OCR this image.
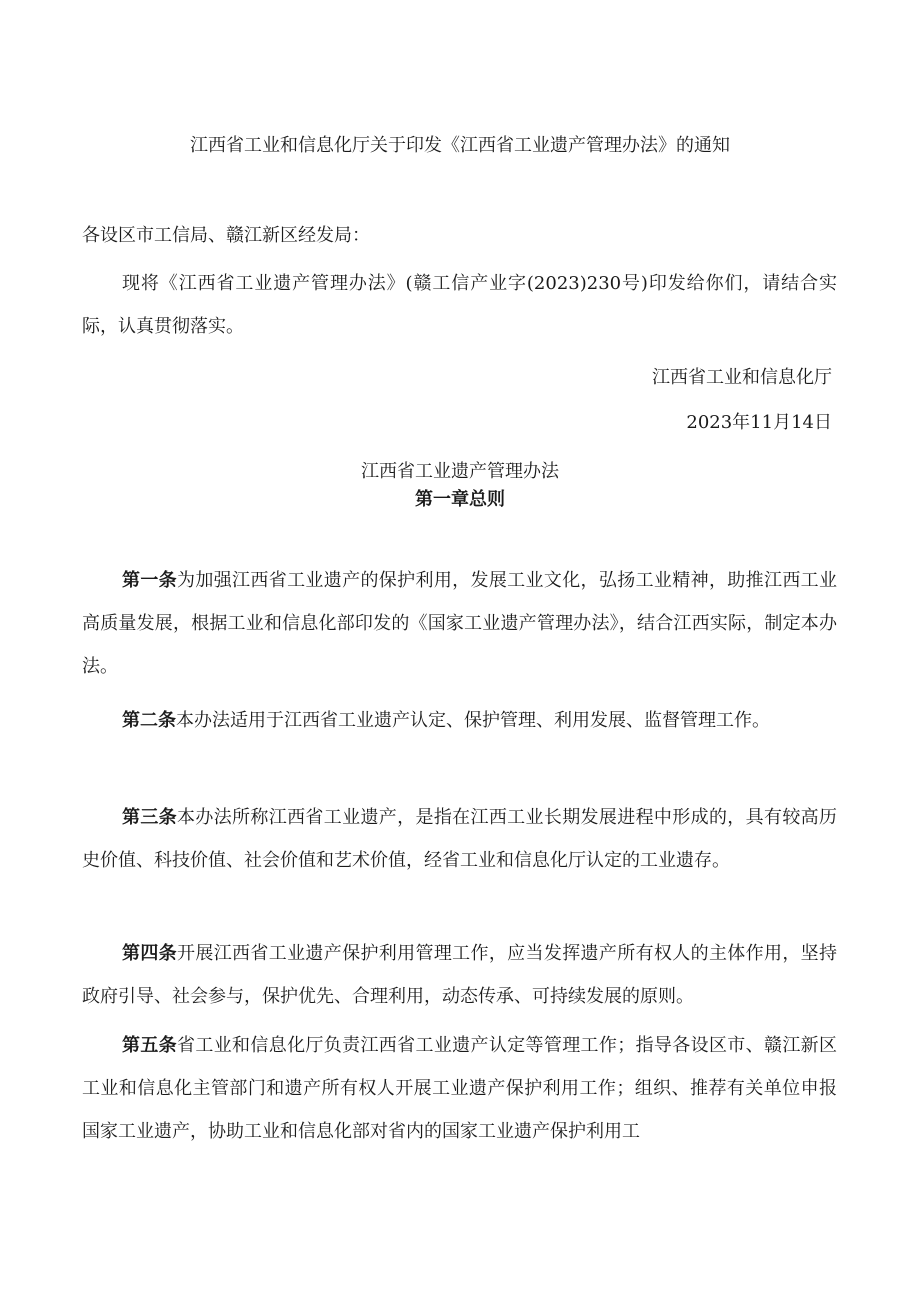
江西省工业和信息化厅关于印发《江西省工业遗产管理办法》的通知
各设区市工信局、赣江新区经发局：
现将《江西省工业遗产管理办法》(赣工信产业字(2023)230号)印发给你们，请结合实际，认真贯彻落实。
江西省工业和信息化厅
2023年11月14日
江西省工业遗产管理办法
第一章总则
第一条为加强江西省工业遗产的保护利用，发展工业文化，弘扬工业精神，助推江西工业高质量发展，根据工业和信息化部印发的《国家工业遗产管理办法》，结合江西实际，制定本办法。
第二条本办法适用于江西省工业遗产认定、保护管理、利用发展、监督管理工作。
第三条本办法所称江西省工业遗产，是指在江西工业长期发展进程中形成的，具有较高历史价值、科技价值、社会价值和艺术价值，经省工业和信息化厅认定的工业遗存。
第四条开展江西省工业遗产保护利用管理工作，应当发挥遗产所有权人的主体作用，坚持政府引导、社会参与，保护优先、合理利用，动态传承、可持续发展的原则。
第五条省工业和信息化厅负责江西省工业遗产认定等管理工作；指导各设区市、赣江新区工业和信息化主管部门和遗产所有权人开展工业遗产保护利用工作；组织、推荐有关单位申报国家工业遗产，协助工业和信息化部对省内的国家工业遗产保护利用工
